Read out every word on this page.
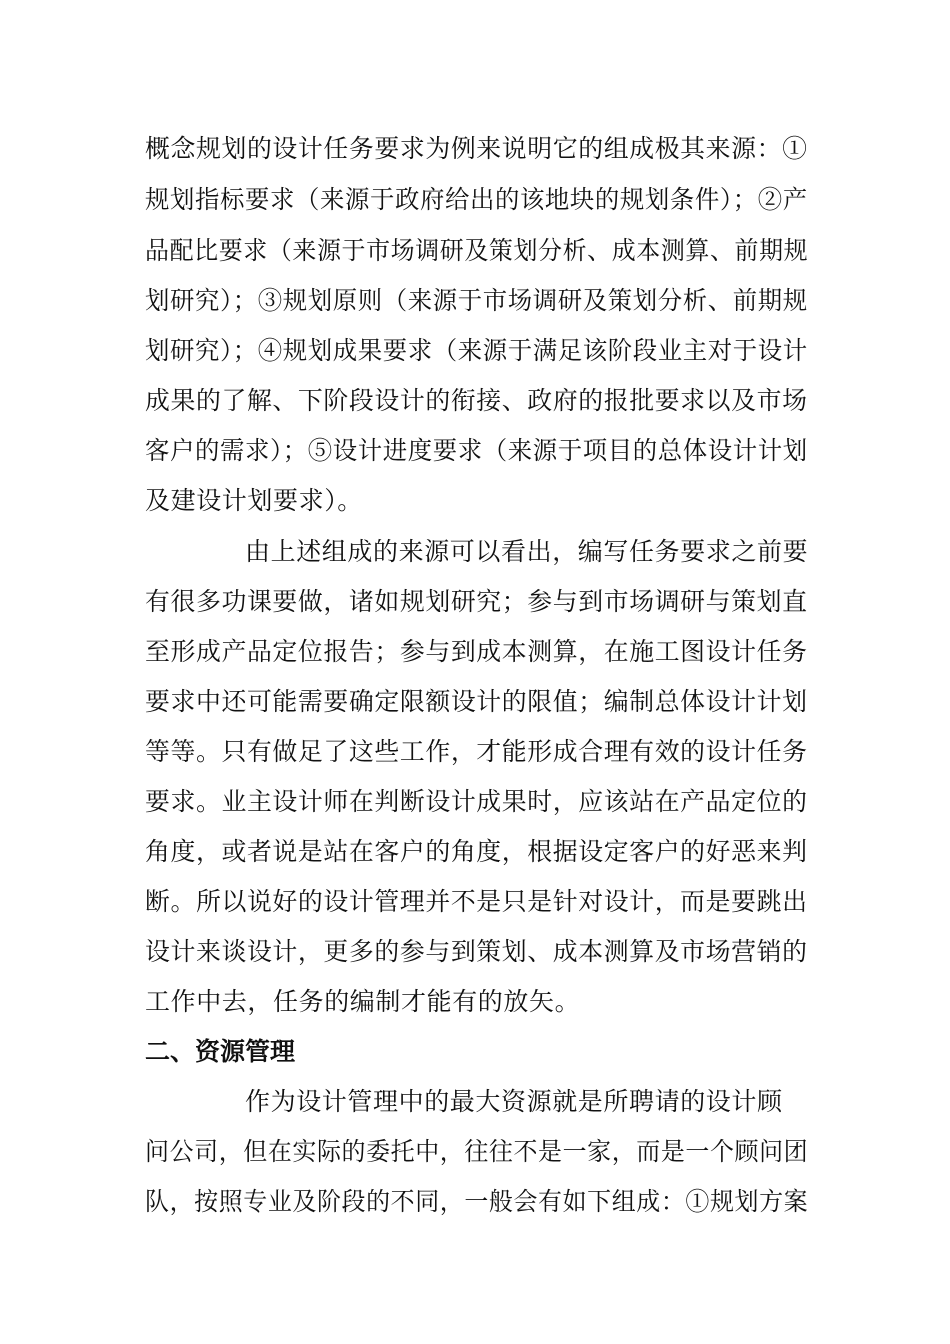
概念规划的设计任务要求为例来说明它的组成极其来源：①
规划指标要求（来源于政府给出的该地块的规划条件）；②产
品配比要求（来源于市场调研及策划分析、成本测算、前期规
划研究）；③规划原则（来源于市场调研及策划分析、前期规
划研究）；④规划成果要求（来源于满足该阶段业主对于设计
成果的了解、下阶段设计的衔接、政府的报批要求以及市场
客户的需求）；⑤设计进度要求（来源于项目的总体设计计划
及建设计划要求）。
由上述组成的来源可以看出，编写任务要求之前要
有很多功课要做，诸如规划研究；参与到市场调研与策划直
至形成产品定位报告；参与到成本测算，在施工图设计任务
要求中还可能需要确定限额设计的限值；编制总体设计计划
等等。只有做足了这些工作，才能形成合理有效的设计任务
要求。业主设计师在判断设计成果时，应该站在产品定位的
角度，或者说是站在客户的角度，根据设定客户的好恶来判
断。所以说好的设计管理并不是只是针对设计，而是要跳出
设计来谈设计，更多的参与到策划、成本测算及市场营销的
工作中去，任务的编制才能有的放矢。
二、资源管理
作为设计管理中的最大资源就是所聘请的设计顾
问公司，但在实际的委托中，往往不是一家，而是一个顾问团
队，按照专业及阶段的不同，一般会有如下组成：①规划方案
